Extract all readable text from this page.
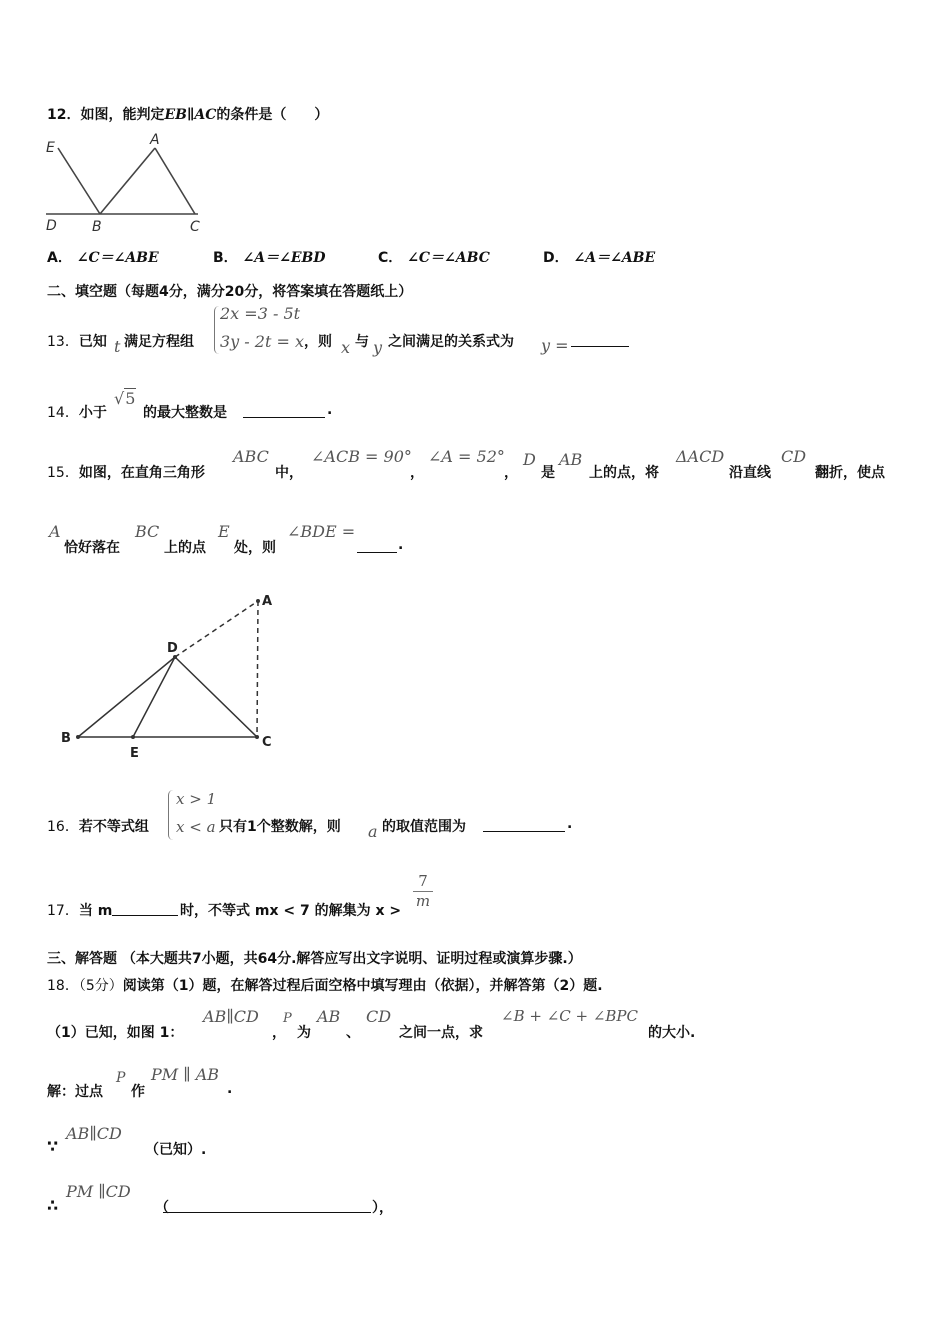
12．如图，能判定EB∥AC的条件是（　　）
E	A
D	B	C
A． ∠C＝∠ABE	B． ∠A＝∠EBD	C． ∠C＝∠ABC	D． ∠A＝∠ABE
二、填空题（每题4分，满分20分，将答案填在答题纸上）
13．已知 t 满足方程组
2x =3 - 5t
3y - 2t = x ，则 x 与 y 之间满足的关系式为 y =
14．小于
√5
的最大整数是	.
15．如图，在直角三角形
ABC
中，
∠ACB = 90°
，
∠A = 52°
，
D
是
AB
上的点，将
ΔACD
沿直线
CD
翻折，使点
A
恰好落在
BC
上的点
E
处，则
∠BDE =
.
A
D
B
E
C
16．若不等式组
x > 1
x < a 只有1个整数解，则 a 的取值范围为	.
17．当 m	时，不等式 mx < 7 的解集为 x >
$\frac{7}{m}$
三、解答题 （本大题共7小题，共64分.解答应写出文字说明、证明过程或演算步骤.）
18．（5分）阅读第（1）题，在解答过程后面空格中填写理由（依据），并解答第（2）题.
（1）已知，如图 1：
AB∥CD
，
P
为
AB
、
CD
之间一点，求
∠B + ∠C + ∠BPC
的大小.
解：过点
P
作
PM ∥ AB
.
∵
AB∥CD
（已知）.
∴
PM ∥CD
（	），
